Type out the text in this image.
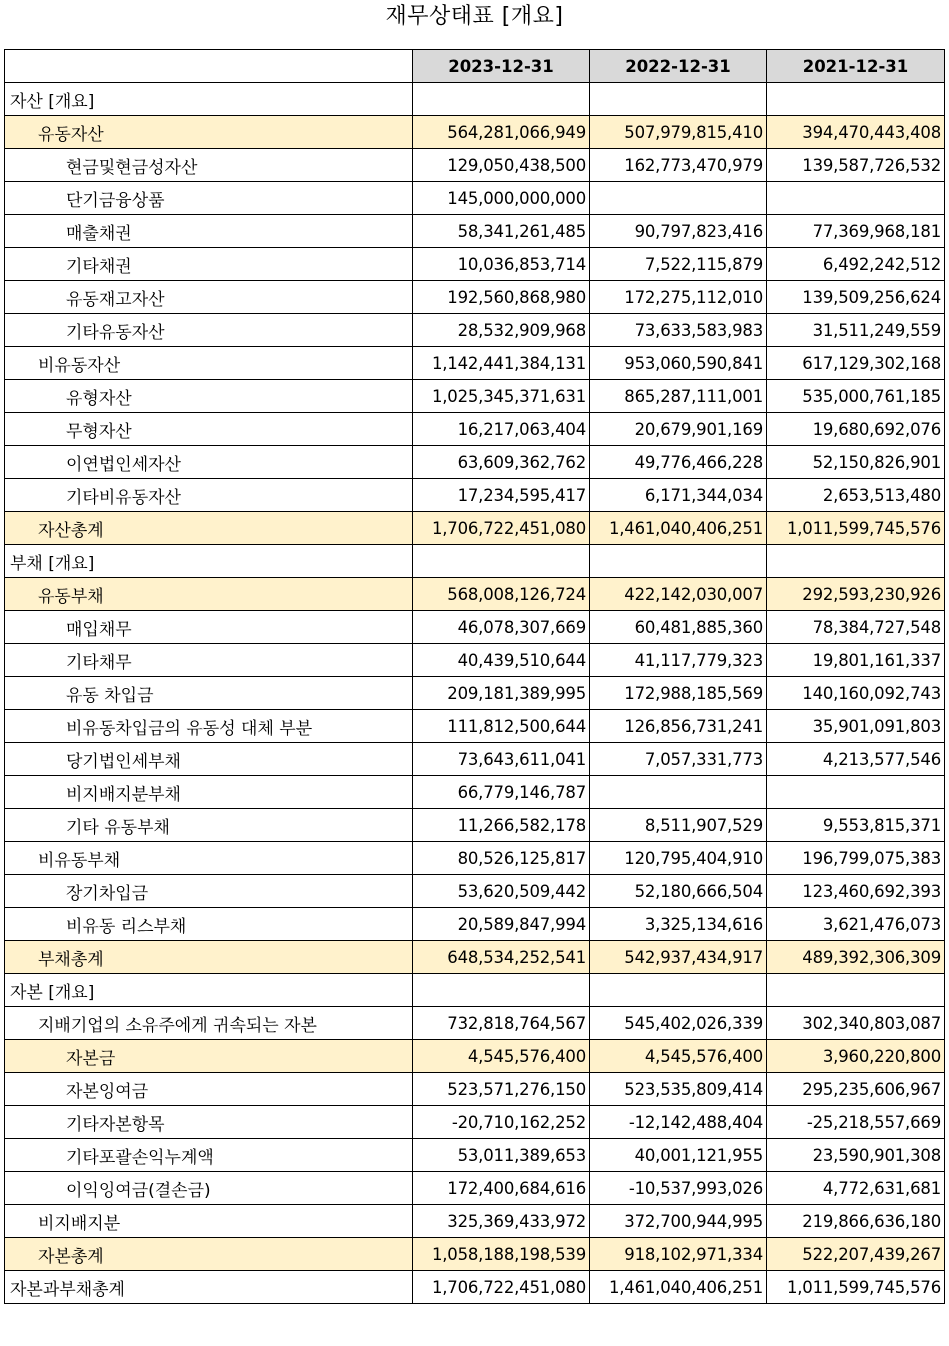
재무상태표 [개요]
	2023-12-31	2022-12-31	2021-12-31
자산 [개요]			
유동자산	564,281,066,949	507,979,815,410	394,470,443,408
현금및현금성자산	129,050,438,500	162,773,470,979	139,587,726,532
단기금융상품	145,000,000,000		
매출채권	58,341,261,485	90,797,823,416	77,369,968,181
기타채권	10,036,853,714	7,522,115,879	6,492,242,512
유동재고자산	192,560,868,980	172,275,112,010	139,509,256,624
기타유동자산	28,532,909,968	73,633,583,983	31,511,249,559
비유동자산	1,142,441,384,131	953,060,590,841	617,129,302,168
유형자산	1,025,345,371,631	865,287,111,001	535,000,761,185
무형자산	16,217,063,404	20,679,901,169	19,680,692,076
이연법인세자산	63,609,362,762	49,776,466,228	52,150,826,901
기타비유동자산	17,234,595,417	6,171,344,034	2,653,513,480
자산총계	1,706,722,451,080	1,461,040,406,251	1,011,599,745,576
부채 [개요]			
유동부채	568,008,126,724	422,142,030,007	292,593,230,926
매입채무	46,078,307,669	60,481,885,360	78,384,727,548
기타채무	40,439,510,644	41,117,779,323	19,801,161,337
유동 차입금	209,181,389,995	172,988,185,569	140,160,092,743
비유동차입금의 유동성 대체 부분	111,812,500,644	126,856,731,241	35,901,091,803
당기법인세부채	73,643,611,041	7,057,331,773	4,213,577,546
비지배지분부채	66,779,146,787		
기타 유동부채	11,266,582,178	8,511,907,529	9,553,815,371
비유동부채	80,526,125,817	120,795,404,910	196,799,075,383
장기차입금	53,620,509,442	52,180,666,504	123,460,692,393
비유동 리스부채	20,589,847,994	3,325,134,616	3,621,476,073
부채총계	648,534,252,541	542,937,434,917	489,392,306,309
자본 [개요]			
지배기업의 소유주에게 귀속되는 자본	732,818,764,567	545,402,026,339	302,340,803,087
자본금	4,545,576,400	4,545,576,400	3,960,220,800
자본잉여금	523,571,276,150	523,535,809,414	295,235,606,967
기타자본항목	-20,710,162,252	-12,142,488,404	-25,218,557,669
기타포괄손익누계액	53,011,389,653	40,001,121,955	23,590,901,308
이익잉여금(결손금)	172,400,684,616	-10,537,993,026	4,772,631,681
비지배지분	325,369,433,972	372,700,944,995	219,866,636,180
자본총계	1,058,188,198,539	918,102,971,334	522,207,439,267
자본과부채총계	1,706,722,451,080	1,461,040,406,251	1,011,599,745,576
